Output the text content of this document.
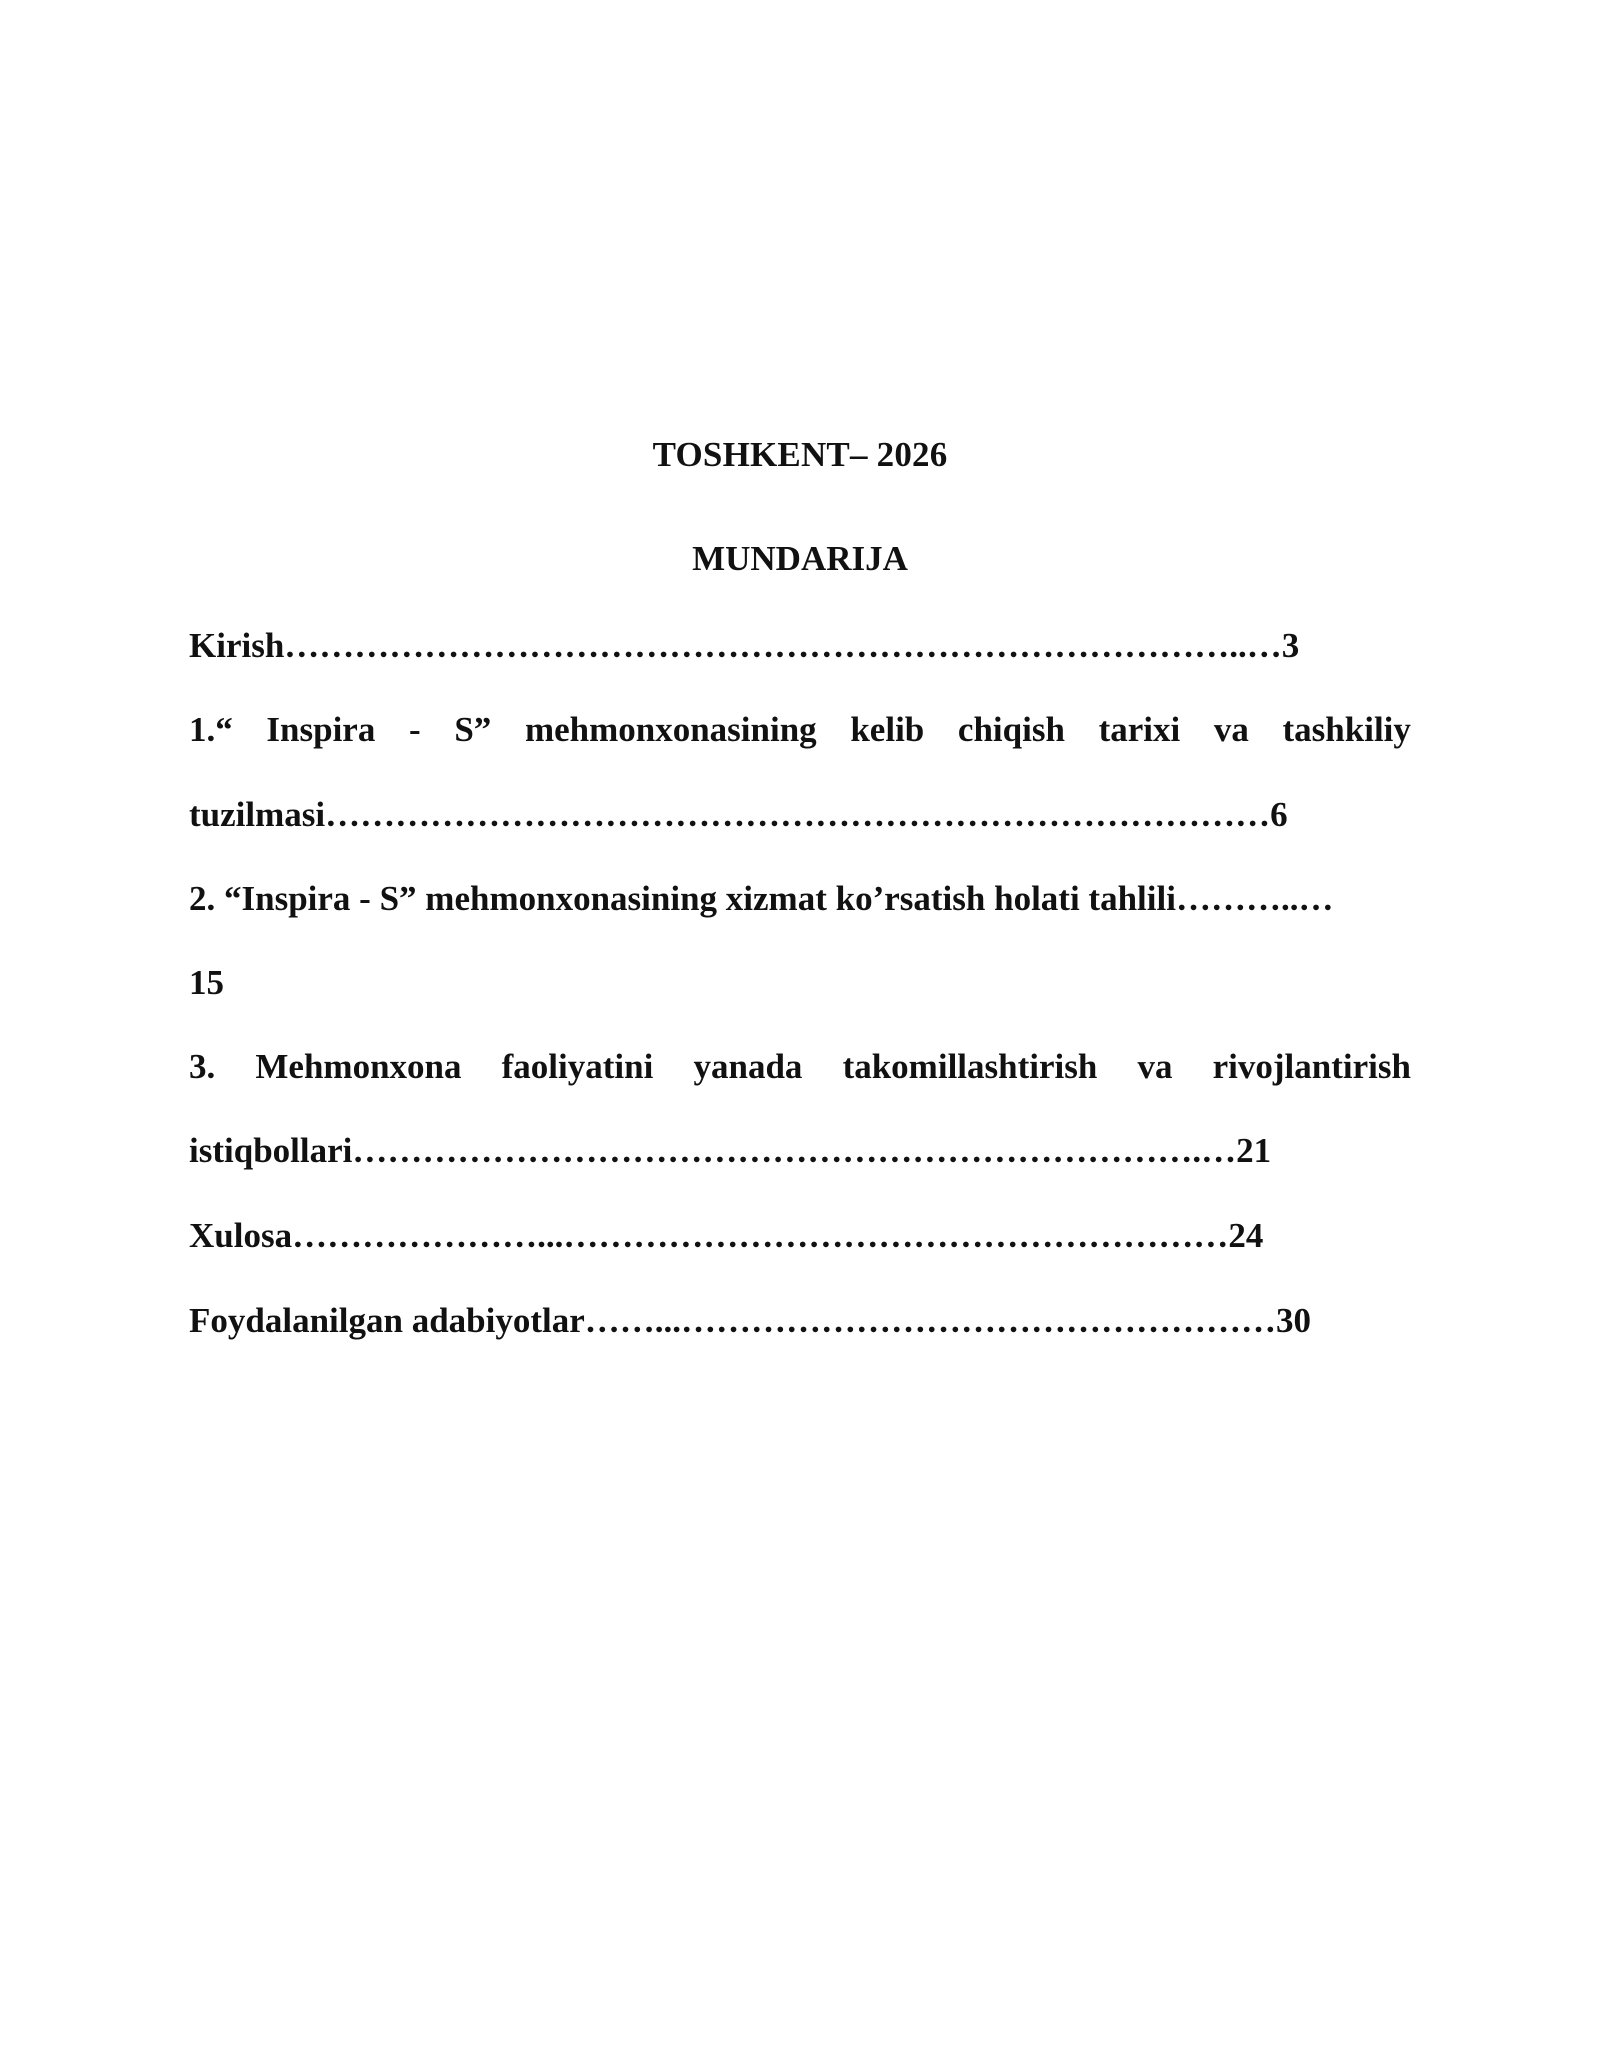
TOSHKENT– 2026
MUNDARIJA
Kirish………………………………………………………………………..…3
1.“ Inspira - S” mehmonxonasining kelib chiqish tarixi va tashkiliy
tuzilmasi………………………………………………………………………6
2. “Inspira - S” mehmonxonasining xizmat ko’rsatish holati tahlili………..…
15
3. Mehmonxona faoliyatini yanada takomillashtirish va rivojlantirish
istiqbollari……………………………………………………………….…21
Xulosa…………………...…………………………………………………24
Foydalanilgan adabiyotlar……...……………………………………………30
